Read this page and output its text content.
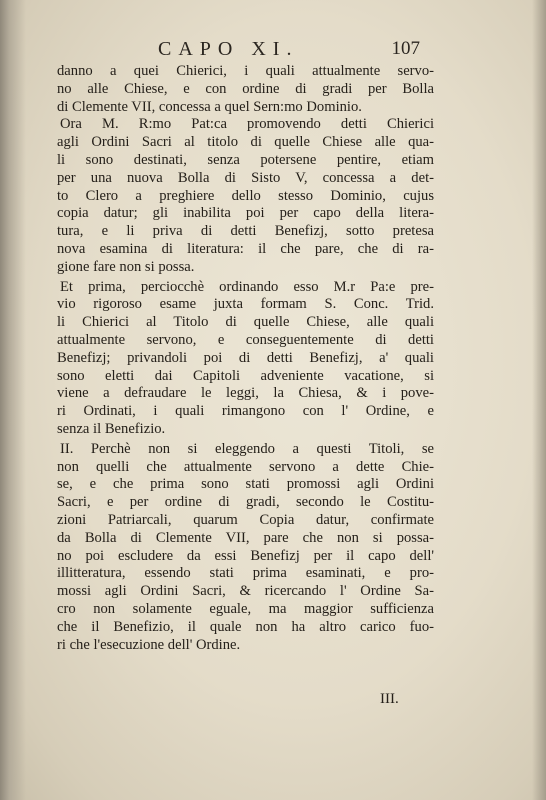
CAPO XI.	107
danno a quei Chierici, i quali attualmente servo-
no alle Chiese, e con ordine di gradi per Bolla
di Clemente VII, concessa a quel Sern:mo Dominio.
Ora M. R:mo Pat:ca promovendo detti Chierici
agli Ordini Sacri al titolo di quelle Chiese alle qua-
li sono destinati, senza potersene pentire, etiam
per una nuova Bolla di Sisto V, concessa a det-
to Clero a preghiere dello stesso Dominio, cujus
copia datur; gli inabilita poi per capo della litera-
tura, e li priva di detti Benefizj, sotto pretesa
nova esamina di literatura: il che pare, che di ra-
gione fare non si possa.
Et prima, perciocchè ordinando esso M.r Pa:e pre-
vio rigoroso esame juxta formam S. Conc. Trid.
li Chierici al Titolo di quelle Chiese, alle quali
attualmente servono, e conseguentemente di detti
Benefizj; privandoli poi di detti Benefizj, a' quali
sono eletti dai Capitoli adveniente vacatione, si
viene a defraudare le leggi, la Chiesa, & i pove-
ri Ordinati, i quali rimangono con l' Ordine, e
senza il Benefizio.
II. Perchè non si eleggendo a questi Titoli, se
non quelli che attualmente servono a dette Chie-
se, e che prima sono stati promossi agli Ordini
Sacri, e per ordine di gradi, secondo le Costitu-
zioni Patriarcali, quarum Copia datur, confirmate
da Bolla di Clemente VII, pare che non si possa-
no poi escludere da essi Benefizj per il capo dell'
illitteratura, essendo stati prima esaminati, e pro-
mossi agli Ordini Sacri, & ricercando l' Ordine Sa-
cro non solamente eguale, ma maggior sufficienza
che il Benefizio, il quale non ha altro carico fuo-
ri che l'esecuzione dell' Ordine.
III.
